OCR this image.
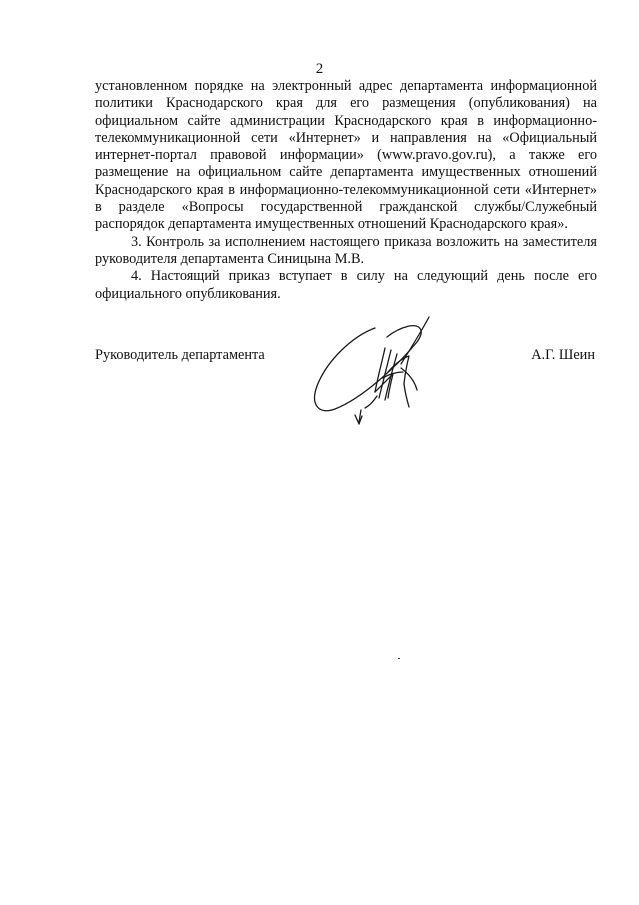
2

установленном порядке на электронный адрес департамента информационной политики Краснодарского края для его размещения (опубликования) на официальном сайте администрации Краснодарского края в информационно-телекоммуникационной сети «Интернет» и направления на «Официальный интернет-портал правовой информации» (www.pravo.gov.ru), а также его размещение на официальном сайте департамента имущественных отношений Краснодарского края в информационно-телекоммуникационной сети «Интернет» в разделе «Вопросы государственной гражданской службы/Служебный распорядок департамента имущественных отношений Краснодарского края».

3. Контроль за исполнением настоящего приказа возложить на заместителя руководителя департамента Синицына М.В.

4. Настоящий приказ вступает в силу на следующий день после его официального опубликования.

Руководитель департамента	А.Г. Шеин
